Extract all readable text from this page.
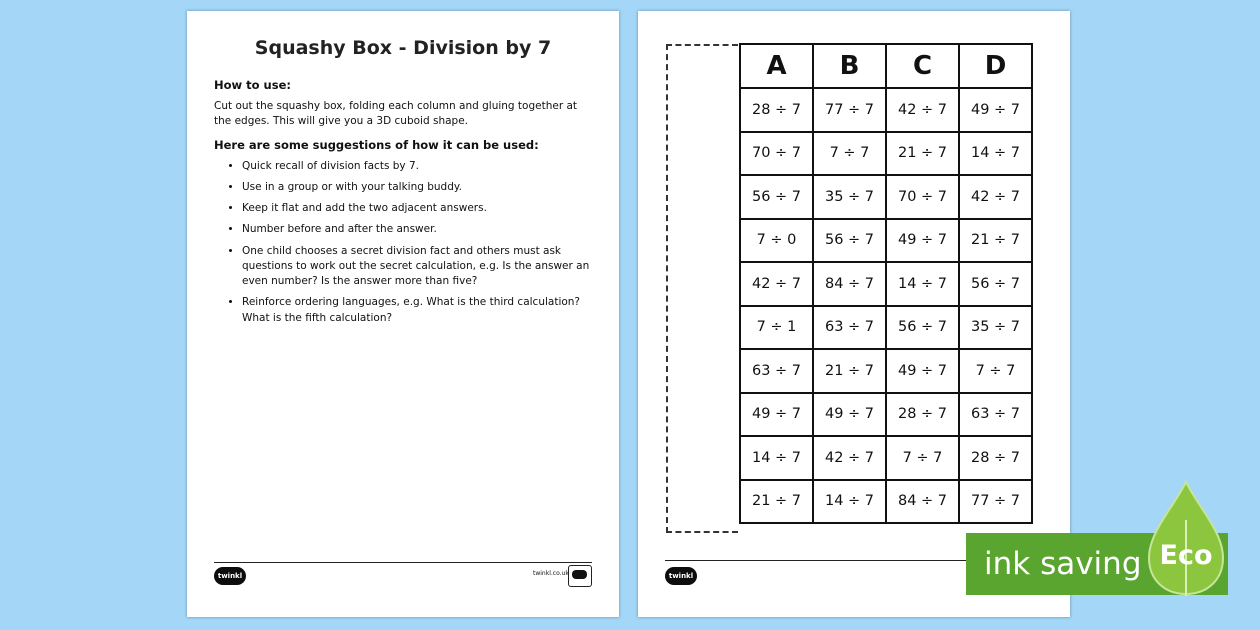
Squashy Box - Division by 7
How to use:
Cut out the squashy box, folding each column and gluing together at the edges. This will give you a 3D cuboid shape.
Here are some suggestions of how it can be used:
• Quick recall of division facts by 7.
• Use in a group or with your talking buddy.
• Keep it flat and add the two adjacent answers.
• Number before and after the answer.
• One child chooses a secret division fact and others must ask questions to work out the secret calculation, e.g. Is the answer an even number? Is the answer more than five?
• Reinforce ordering languages, e.g. What is the third calculation? What is the fifth calculation?
twinkl	twinkl.co.uk
A	B	C	D
28 ÷ 7	77 ÷ 7	42 ÷ 7	49 ÷ 7
70 ÷ 7	7 ÷ 7	21 ÷ 7	14 ÷ 7
56 ÷ 7	35 ÷ 7	70 ÷ 7	42 ÷ 7
7 ÷ 0	56 ÷ 7	49 ÷ 7	21 ÷ 7
42 ÷ 7	84 ÷ 7	14 ÷ 7	56 ÷ 7
7 ÷ 1	63 ÷ 7	56 ÷ 7	35 ÷ 7
63 ÷ 7	21 ÷ 7	49 ÷ 7	7 ÷ 7
49 ÷ 7	49 ÷ 7	28 ÷ 7	63 ÷ 7
14 ÷ 7	42 ÷ 7	7 ÷ 7	28 ÷ 7
21 ÷ 7	14 ÷ 7	84 ÷ 7	77 ÷ 7
twinkl	ink saving Eco
